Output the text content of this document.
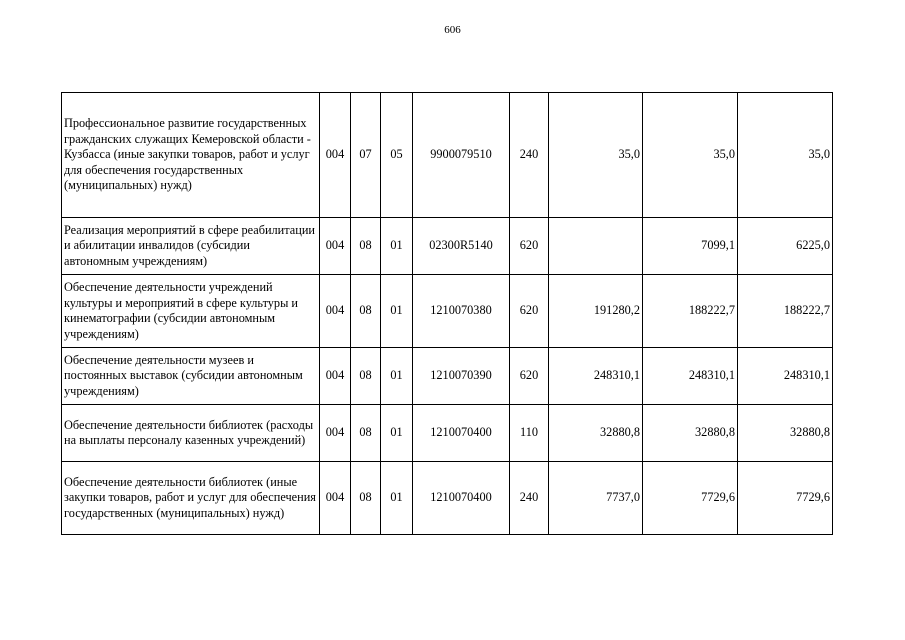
606
Профессиональное развитие государственных гражданских служащих Кемеровской области - Кузбасса (иные закупки товаров, работ и услуг для обеспечения государственных (муниципальных) нужд)	004	07	05	9900079510	240	35,0	35,0	35,0
Реализация мероприятий в сфере реабилитации и абилитации инвалидов (субсидии автономным учреждениям)	004	08	01	02300R5140	620		7099,1	6225,0
Обеспечение деятельности учреждений культуры и мероприятий в сфере культуры и кинематографии (субсидии автономным учреждениям)	004	08	01	1210070380	620	191280,2	188222,7	188222,7
Обеспечение деятельности музеев и постоянных выставок (субсидии автономным учреждениям)	004	08	01	1210070390	620	248310,1	248310,1	248310,1
Обеспечение деятельности библиотек (расходы на выплаты персоналу казенных учреждений)	004	08	01	1210070400	110	32880,8	32880,8	32880,8
Обеспечение деятельности библиотек (иные закупки товаров, работ и услуг для обеспечения государственных (муниципальных) нужд)	004	08	01	1210070400	240	7737,0	7729,6	7729,6
